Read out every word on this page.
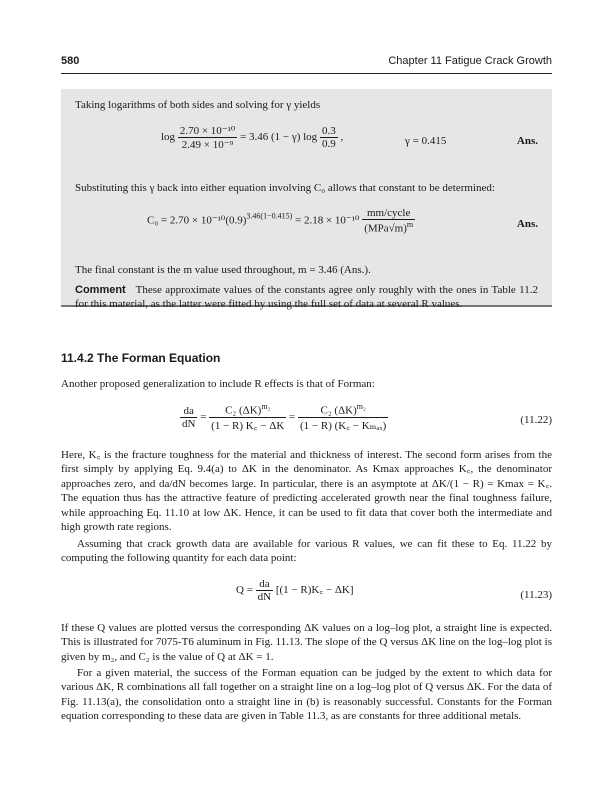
580	Chapter 11 Fatigue Crack Growth
Taking logarithms of both sides and solving for γ yields
$\log \frac{\text{2.70 × 10⁻¹⁰}}{\text{2.49 × 10⁻⁹}} = 3.46$ (1 − γ) $\log \frac{0.3}{0.9}$ ,	γ = 0.415	Ans.
Substituting this γ back into either equation involving C₀ allows that constant to be determined:
$C_0 = 2.70 \times 10^{-10}(0.9)^{3.46(1-0.415)} = 2.18 \times 10^{-10} \frac{\text{mm/cycle}}{(MPa√m)^m}$	Ans.
The final constant is the m value used throughout, m = 3.46 (Ans.).
Comment These approximate values of the constants agree only roughly with the ones in Table 11.2 for this material, as the latter were fitted by using the full set of data at several R values.
11.4.2 The Forman Equation
Another proposed generalization to include R effects is that of Forman:
$\frac{da}{dN} = \frac{C_2 (\Delta K)^{m_2}}{(1 - R) K꜀ - \Delta K} = \frac{C_2 (\Delta K)^{m_2}}{\text{(1 − R) (K꜀ − Kₘₐₓ)}}$	(11.22)
Here, K꜀ is the fracture toughness for the material and thickness of interest. The second form arises from the first simply by applying Eq. 9.4(a) to ΔK in the denominator. As Kmax approaches K꜀, the denominator approaches zero, and da/dN becomes large. In particular, there is an asymptote at ΔK/(1 − R) = Kmax = K꜀. The equation thus has the attractive feature of predicting accelerated growth near the final toughness failure, while approaching Eq. 11.10 at low ΔK. Hence, it can be used to fit data that cover both the intermediate and high growth rate regions.
Assuming that crack growth data are available for various R values, we can fit these to Eq. 11.22 by computing the following quantity for each data point:
$Q = \frac{da}{dN} [(1$ − R)K꜀ − ΔK]	(11.23)
If these Q values are plotted versus the corresponding ΔK values on a log–log plot, a straight line is expected. This is illustrated for 7075-T6 aluminum in Fig. 11.13. The slope of the Q versus ΔK line on the log–log plot is given by m₂, and C₂ is the value of Q at ΔK = 1.
For a given material, the success of the Forman equation can be judged by the extent to which data for various ΔK, R combinations all fall together on a straight line on a log–log plot of Q versus ΔK. For the data of Fig. 11.13(a), the consolidation onto a straight line in (b) is reasonably successful. Constants for the Forman equation corresponding to these data are given in Table 11.3, as are constants for three additional metals.
